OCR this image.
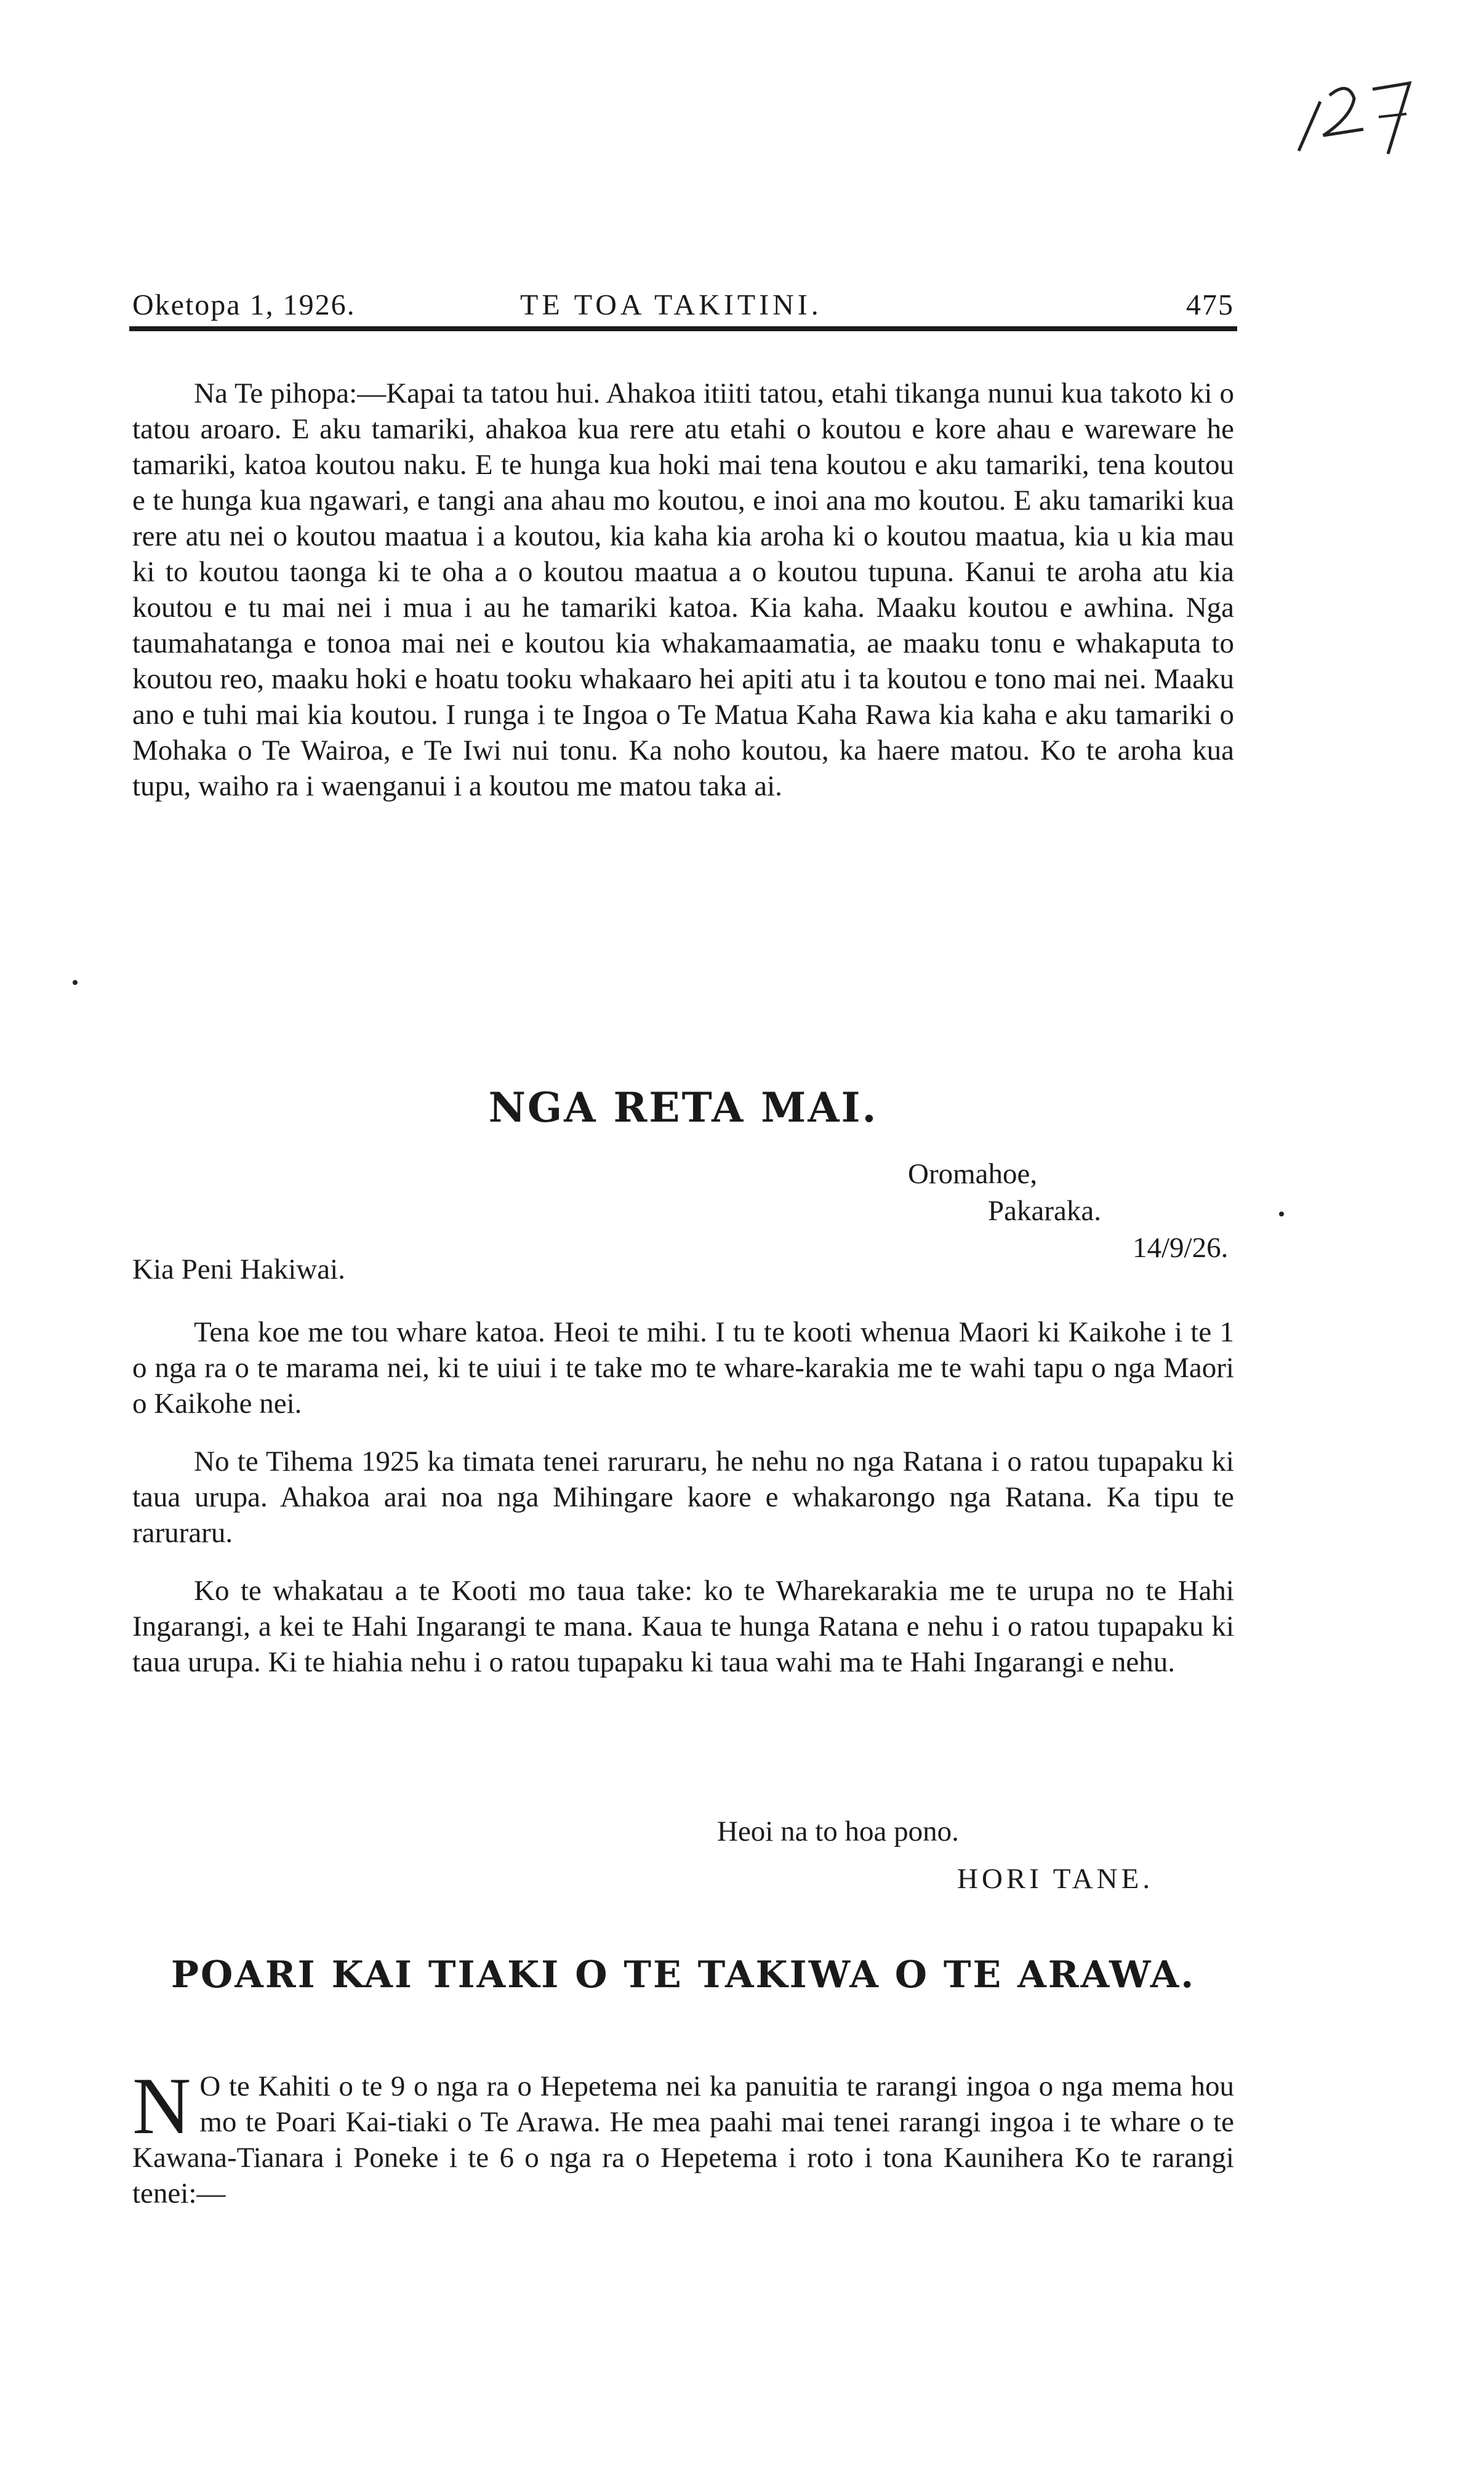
Oketopa 1, 1926.	TE TOA TAKITINI.	475

Na Te pihopa:—Kapai ta tatou hui. Ahakoa itiiti tatou, etahi tikanga nunui kua takoto ki o tatou aroaro. E aku tamariki, ahakoa kua rere atu etahi o koutou e kore ahau e wareware he tamariki, katoa koutou naku. E te hunga kua hoki mai tena koutou e aku tamariki, tena koutou e te hunga kua ngawari, e tangi ana ahau mo koutou, e inoi ana mo koutou. E aku tamariki kua rere atu nei o koutou maatua i a koutou, kia kaha kia aroha ki o koutou maatua, kia u kia mau ki to koutou taonga ki te oha a o koutou maatua a o koutou tupuna. Kanui te aroha atu kia koutou e tu mai nei i mua i au he tamariki katoa. Kia kaha. Maaku koutou e awhina. Nga taumahatanga e tonoa mai nei e koutou kia whakamaamatia, ae maaku tonu e whakaputa to koutou reo, maaku hoki e hoatu tooku whakaaro hei apiti atu i ta koutou e tono mai nei. Maaku ano e tuhi mai kia koutou. I runga i te Ingoa o Te Matua Kaha Rawa kia kaha e aku tamariki o Mohaka o Te Wairoa, e Te Iwi nui tonu. Ka noho koutou, ka haere matou. Ko te aroha kua tupu, waiho ra i waenganui i a koutou me matou taka ai.

NGA RETA MAI.
Oromahoe,
Pakaraka.
14/9/26.
Kia Peni Hakiwai.

Tena koe me tou whare katoa. Heoi te mihi. I tu te kooti whenua Maori ki Kaikohe i te 1 o nga ra o te marama nei, ki te uiui i te take mo te whare-karakia me te wahi tapu o nga Maori o Kaikohe nei.

No te Tihema 1925 ka timata tenei raruraru, he nehu no nga Ratana i o ratou tupapaku ki taua urupa. Ahakoa arai noa nga Mihingare kaore e whakarongo nga Ratana. Ka tipu te raruraru.

Ko te whakatau a te Kooti mo taua take: ko te Wharekarakia me te urupa no te Hahi Ingarangi, a kei te Hahi Ingarangi te mana. Kaua te hunga Ratana e nehu i o ratou tupapaku ki taua urupa. Ki te hiahia nehu i o ratou tupapaku ki taua wahi ma te Hahi Ingarangi e nehu.

Heoi na to hoa pono.
HORI TANE.
POARI KAI TIAKI O TE TAKIWA O TE ARAWA.

N O te Kahiti o te 9 o nga ra o Hepetema nei ka panuitia te rarangi ingoa o nga mema hou mo te Poari Kai-tiaki o Te Arawa. He mea paahi mai tenei rarangi ingoa i te whare o te Kawana-Tianara i Poneke i te 6 o nga ra o Hepetema i roto i tona Kaunihera Ko te rarangi tenei:—
